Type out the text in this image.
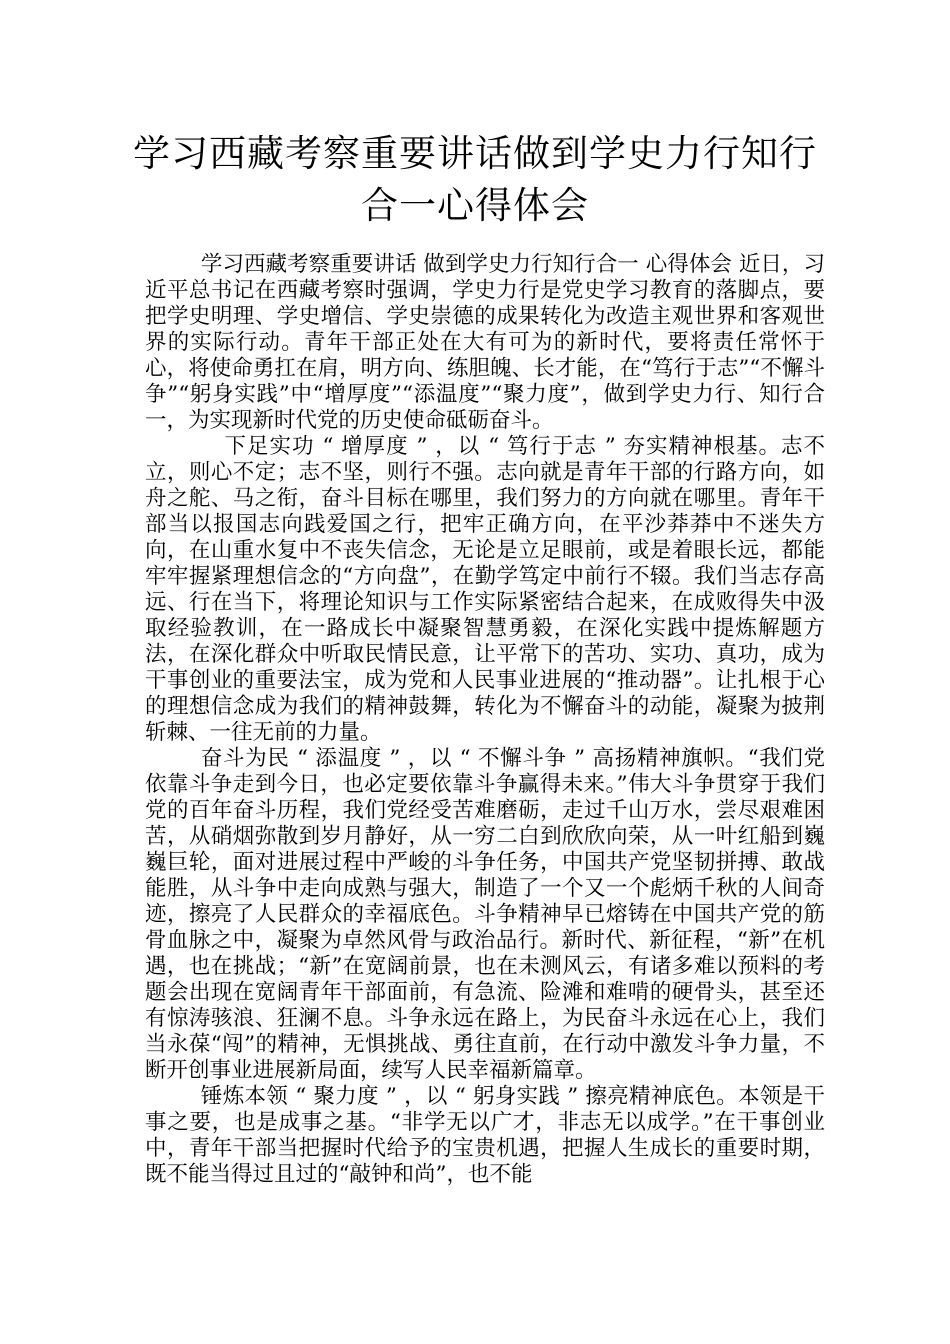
学习西藏考察重要讲话做到学史力行知行
合一心得体会

学习西藏考察重要讲话 做到学史力行知行合一 心得体会 近日，习近平总书记在西藏考察时强调，学史力行是党史学习教育的落脚点，要把学史明理、学史增信、学史崇德的成果转化为改造主观世界和客观世界的实际行动。青年干部正处在大有可为的新时代，要将责任常怀于心，将使命勇扛在肩，明方向、练胆魄、长才能，在“笃行于志”“不懈斗争”“躬身实践”中“增厚度”“添温度”“聚力度”，做到学史力行、知行合一，为实现新时代党的历史使命砥砺奋斗。

下足实功 “ 增厚度 ” ，以 “ 笃行于志 ” 夯实精神根基。志不立，则心不定；志不坚，则行不强。志向就是青年干部的行路方向，如舟之舵、马之衔，奋斗目标在哪里，我们努力的方向就在哪里。青年干部当以报国志向践爱国之行，把牢正确方向，在平沙莽莽中不迷失方向，在山重水复中不丧失信念，无论是立足眼前，或是着眼长远，都能牢牢握紧理想信念的“方向盘”，在勤学笃定中前行不辍。我们当志存高远、行在当下，将理论知识与工作实际紧密结合起来，在成败得失中汲取经验教训，在一路成长中凝聚智慧勇毅，在深化实践中提炼解题方法，在深化群众中听取民情民意，让平常下的苦功、实功、真功，成为干事创业的重要法宝，成为党和人民事业进展的“推动器”。让扎根于心的理想信念成为我们的精神鼓舞，转化为不懈奋斗的动能，凝聚为披荆斩棘、一往无前的力量。

奋斗为民 “ 添温度 ” ，以 “ 不懈斗争 ” 高扬精神旗帜。“我们党依靠斗争走到今日，也必定要依靠斗争赢得未来。”伟大斗争贯穿于我们党的百年奋斗历程，我们党经受苦难磨砺，走过千山万水，尝尽艰难困苦，从硝烟弥散到岁月静好，从一穷二白到欣欣向荣，从一叶红船到巍巍巨轮，面对进展过程中严峻的斗争任务，中国共产党坚韧拼搏、敢战能胜，从斗争中走向成熟与强大，制造了一个又一个彪炳千秋的人间奇迹，擦亮了人民群众的幸福底色。斗争精神早已熔铸在中国共产党的筋骨血脉之中，凝聚为卓然风骨与政治品行。新时代、新征程，“新”在机遇，也在挑战；“新”在宽阔前景，也在未测风云，有诸多难以预料的考题会出现在宽阔青年干部面前，有急流、险滩和难啃的硬骨头，甚至还有惊涛骇浪、狂澜不息。斗争永远在路上，为民奋斗永远在心上，我们当永葆“闯”的精神，无惧挑战、勇往直前，在行动中激发斗争力量，不断开创事业进展新局面，续写人民幸福新篇章。

锤炼本领 “ 聚力度 ” ，以 “ 躬身实践 ” 擦亮精神底色。本领是干事之要，也是成事之基。“非学无以广才，非志无以成学。”在干事创业中，青年干部当把握时代给予的宝贵机遇，把握人生成长的重要时期，既不能当得过且过的“敲钟和尚”，也不能
